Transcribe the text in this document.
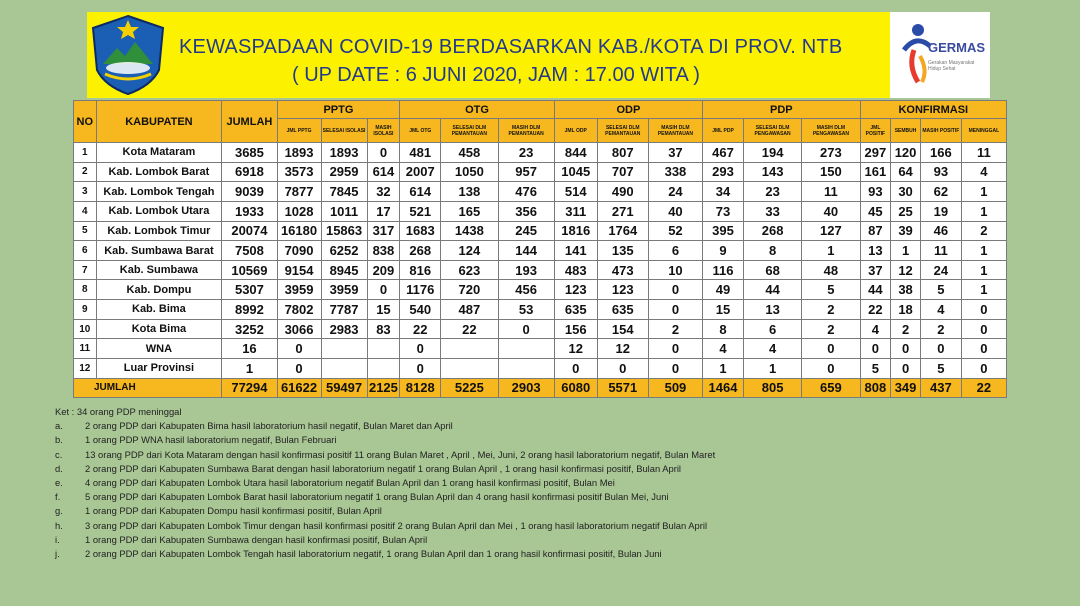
KEWASPADAAN COVID-19 BERDASARKAN KAB./KOTA DI PROV. NTB
( UP DATE : 6 JUNI 2020, JAM : 17.00 WITA )
GERMAS
Gerakan Masyarakat Hidup Sehat
NO	KABUPATEN	JUMLAH	PPTG			OTG			ODP			PDP			KONFIRMASI			
			JML PPTG	SELESAI ISOLASI	MASIH ISOLASI	JML OTG	SELESAI DLM PEMANTAUAN	MASIH DLM PEMANTAUAN	JML ODP	SELESAI DLM PEMANTAUAN	MASIH DLM PEMANTAUAN	JML PDP	SELESAI DLM PENGAWASAN	MASIH DLM PENGAWASAN	JML POSITIF	SEMBUH	MASIH POSITIF	MENINGGAL
1	Kota Mataram	3685	1893	1893	0	481	458	23	844	807	37	467	194	273	297	120	166	11
2	Kab. Lombok Barat	6918	3573	2959	614	2007	1050	957	1045	707	338	293	143	150	161	64	93	4
3	Kab. Lombok Tengah	9039	7877	7845	32	614	138	476	514	490	24	34	23	11	93	30	62	1
4	Kab. Lombok Utara	1933	1028	1011	17	521	165	356	311	271	40	73	33	40	45	25	19	1
5	Kab. Lombok Timur	20074	16180	15863	317	1683	1438	245	1816	1764	52	395	268	127	87	39	46	2
6	Kab. Sumbawa Barat	7508	7090	6252	838	268	124	144	141	135	6	9	8	1	13	1	11	1
7	Kab. Sumbawa	10569	9154	8945	209	816	623	193	483	473	10	116	68	48	37	12	24	1
8	Kab. Dompu	5307	3959	3959	0	1176	720	456	123	123	0	49	44	5	44	38	5	1
9	Kab. Bima	8992	7802	7787	15	540	487	53	635	635	0	15	13	2	22	18	4	0
10	Kota Bima	3252	3066	2983	83	22	22	0	156	154	2	8	6	2	4	2	2	0
11	WNA	16	0			0			12	12	0	4	4	0	0	0	0	0
12	Luar Provinsi	1	0			0			0	0	0	1	1	0	5	0	5	0
JUMLAH		77294	61622	59497	2125	8128	5225	2903	6080	5571	509	1464	805	659	808	349	437	22
Ket : 34 orang PDP meninggal
a.	2 orang PDP dari Kabupaten Bima hasil laboratorium hasil negatif, Bulan Maret dan April
b.	1 orang PDP WNA hasil laboratorium negatif, Bulan Februari
c.	13 orang PDP dari Kota Mataram dengan hasil konfirmasi positif 11 orang Bulan Maret , April , Mei, Juni, 2 orang hasil laboratorium negatif, Bulan Maret
d.	2 orang PDP dari Kabupaten Sumbawa Barat dengan hasil laboratorium negatif 1 orang Bulan April , 1 orang hasil konfirmasi positif, Bulan April
e.	4 orang PDP dari Kabupaten Lombok Utara hasil laboratorium negatif Bulan April dan 1 orang hasil konfirmasi positif, Bulan Mei
f.	5 orang PDP dari Kabupaten Lombok Barat hasil laboratorium negatif 1 orang Bulan April dan 4 orang hasil konfirmasi positif Bulan Mei, Juni
g.	1 orang PDP dari Kabupaten Dompu hasil konfirmasi positif, Bulan April
h.	3 orang PDP dari Kabupaten Lombok Timur dengan hasil konfirmasi positif 2 orang Bulan April dan Mei , 1 orang hasil laboratorium negatif Bulan April
i.	1 orang PDP dari Kabupaten Sumbawa dengan hasil konfirmasi positif, Bulan April
j.	2 orang PDP dari Kabupaten Lombok Tengah hasil laboratorium negatif, 1 orang Bulan April dan 1 orang hasil konfirmasi positif, Bulan Juni
